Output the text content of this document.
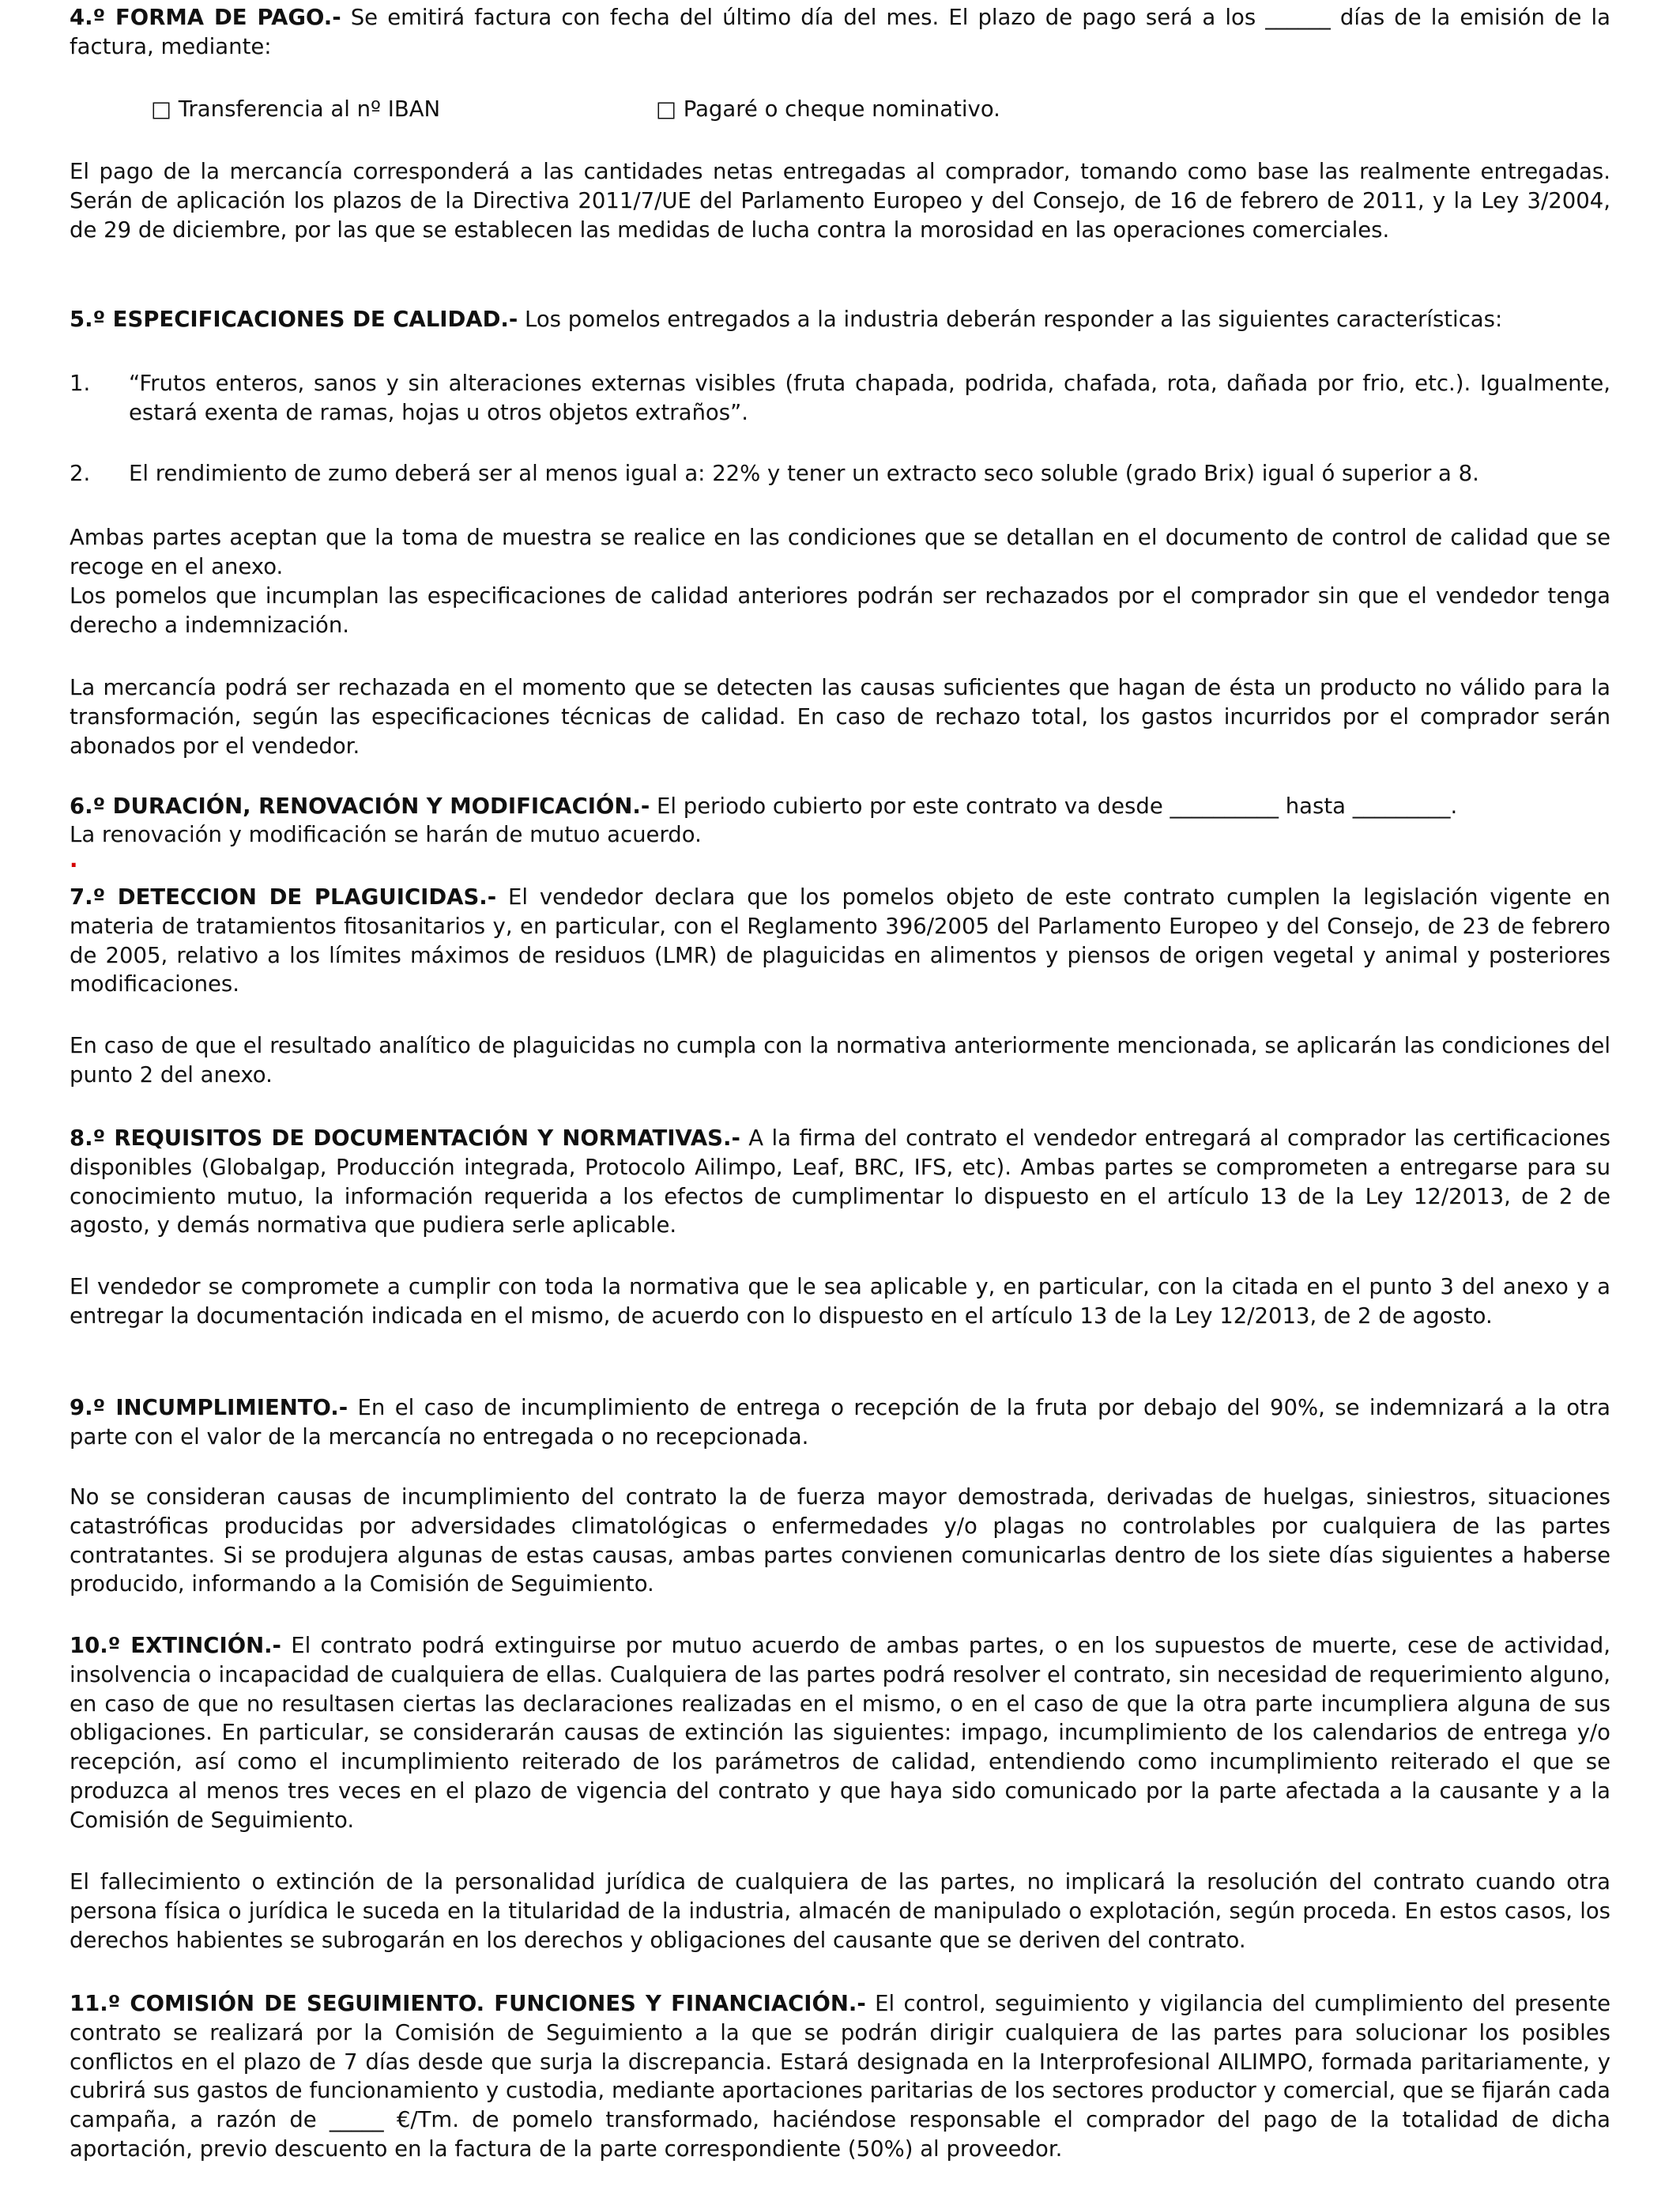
4.º FORMA DE PAGO.- Se emitirá factura con fecha del último día del mes. El plazo de pago será a los ______ días de la emisión de la factura, mediante:

□ Transferencia al nº IBAN	□ Pagaré o cheque nominativo.

El pago de la mercancía corresponderá a las cantidades netas entregadas al comprador, tomando como base las realmente entregadas. Serán de aplicación los plazos de la Directiva 2011/7/UE del Parlamento Europeo y del Consejo, de 16 de febrero de 2011, y la Ley 3/2004, de 29 de diciembre, por las que se establecen las medidas de lucha contra la morosidad en las operaciones comerciales.

5.º ESPECIFICACIONES DE CALIDAD.- Los pomelos entregados a la industria deberán responder a las siguientes características:

1. “Frutos enteros, sanos y sin alteraciones externas visibles (fruta chapada, podrida, chafada, rota, dañada por frio, etc.). Igualmente, estará exenta de ramas, hojas u otros objetos extraños”.
2. El rendimiento de zumo deberá ser al menos igual a: 22% y tener un extracto seco soluble (grado Brix) igual ó superior a 8.

Ambas partes aceptan que la toma de muestra se realice en las condiciones que se detallan en el documento de control de calidad que se recoge en el anexo.

Los pomelos que incumplan las especificaciones de calidad anteriores podrán ser rechazados por el comprador sin que el vendedor tenga derecho a indemnización.

La mercancía podrá ser rechazada en el momento que se detecten las causas suficientes que hagan de ésta un producto no válido para la transformación, según las especificaciones técnicas de calidad. En caso de rechazo total, los gastos incurridos por el comprador serán abonados por el vendedor.

6.º DURACIÓN, RENOVACIÓN Y MODIFICACIÓN.- El periodo cubierto por este contrato va desde __________ hasta _________.

La renovación y modificación se harán de mutuo acuerdo.

.

7.º DETECCION DE PLAGUICIDAS.- El vendedor declara que los pomelos objeto de este contrato cumplen la legislación vigente en materia de tratamientos fitosanitarios y, en particular, con el Reglamento 396/2005 del Parlamento Europeo y del Consejo, de 23 de febrero de 2005, relativo a los límites máximos de residuos (LMR) de plaguicidas en alimentos y piensos de origen vegetal y animal y posteriores modificaciones.

En caso de que el resultado analítico de plaguicidas no cumpla con la normativa anteriormente mencionada, se aplicarán las condiciones del punto 2 del anexo.

8.º REQUISITOS DE DOCUMENTACIÓN Y NORMATIVAS.- A la firma del contrato el vendedor entregará al comprador las certificaciones disponibles (Globalgap, Producción integrada, Protocolo Ailimpo, Leaf, BRC, IFS, etc). Ambas partes se comprometen a entregarse para su conocimiento mutuo, la información requerida a los efectos de cumplimentar lo dispuesto en el artículo 13 de la Ley 12/2013, de 2 de agosto, y demás normativa que pudiera serle aplicable.

El vendedor se compromete a cumplir con toda la normativa que le sea aplicable y, en particular, con la citada en el punto 3 del anexo y a entregar la documentación indicada en el mismo, de acuerdo con lo dispuesto en el artículo 13 de la Ley 12/2013, de 2 de agosto.

9.º INCUMPLIMIENTO.- En el caso de incumplimiento de entrega o recepción de la fruta por debajo del 90%, se indemnizará a la otra parte con el valor de la mercancía no entregada o no recepcionada.

No se consideran causas de incumplimiento del contrato la de fuerza mayor demostrada, derivadas de huelgas, siniestros, situaciones catastróficas producidas por adversidades climatológicas o enfermedades y/o plagas no controlables por cualquiera de las partes contratantes. Si se produjera algunas de estas causas, ambas partes convienen comunicarlas dentro de los siete días siguientes a haberse producido, informando a la Comisión de Seguimiento.

10.º EXTINCIÓN.- El contrato podrá extinguirse por mutuo acuerdo de ambas partes, o en los supuestos de muerte, cese de actividad, insolvencia o incapacidad de cualquiera de ellas. Cualquiera de las partes podrá resolver el contrato, sin necesidad de requerimiento alguno, en caso de que no resultasen ciertas las declaraciones realizadas en el mismo, o en el caso de que la otra parte incumpliera alguna de sus obligaciones. En particular, se considerarán causas de extinción las siguientes: impago, incumplimiento de los calendarios de entrega y/o recepción, así como el incumplimiento reiterado de los parámetros de calidad, entendiendo como incumplimiento reiterado el que se produzca al menos tres veces en el plazo de vigencia del contrato y que haya sido comunicado por la parte afectada a la causante y a la Comisión de Seguimiento.

El fallecimiento o extinción de la personalidad jurídica de cualquiera de las partes, no implicará la resolución del contrato cuando otra persona física o jurídica le suceda en la titularidad de la industria, almacén de manipulado o explotación, según proceda. En estos casos, los derechos habientes se subrogarán en los derechos y obligaciones del causante que se deriven del contrato.

11.º COMISIÓN DE SEGUIMIENTO. FUNCIONES Y FINANCIACIÓN.- El control, seguimiento y vigilancia del cumplimiento del presente contrato se realizará por la Comisión de Seguimiento a la que se podrán dirigir cualquiera de las partes para solucionar los posibles conflictos en el plazo de 7 días desde que surja la discrepancia. Estará designada en la Interprofesional AILIMPO, formada paritariamente, y cubrirá sus gastos de funcionamiento y custodia, mediante aportaciones paritarias de los sectores productor y comercial, que se fijarán cada campaña, a razón de _____ €/Tm. de pomelo transformado, haciéndose responsable el comprador del pago de la totalidad de dicha aportación, previo descuento en la factura de la parte correspondiente (50%) al proveedor.
